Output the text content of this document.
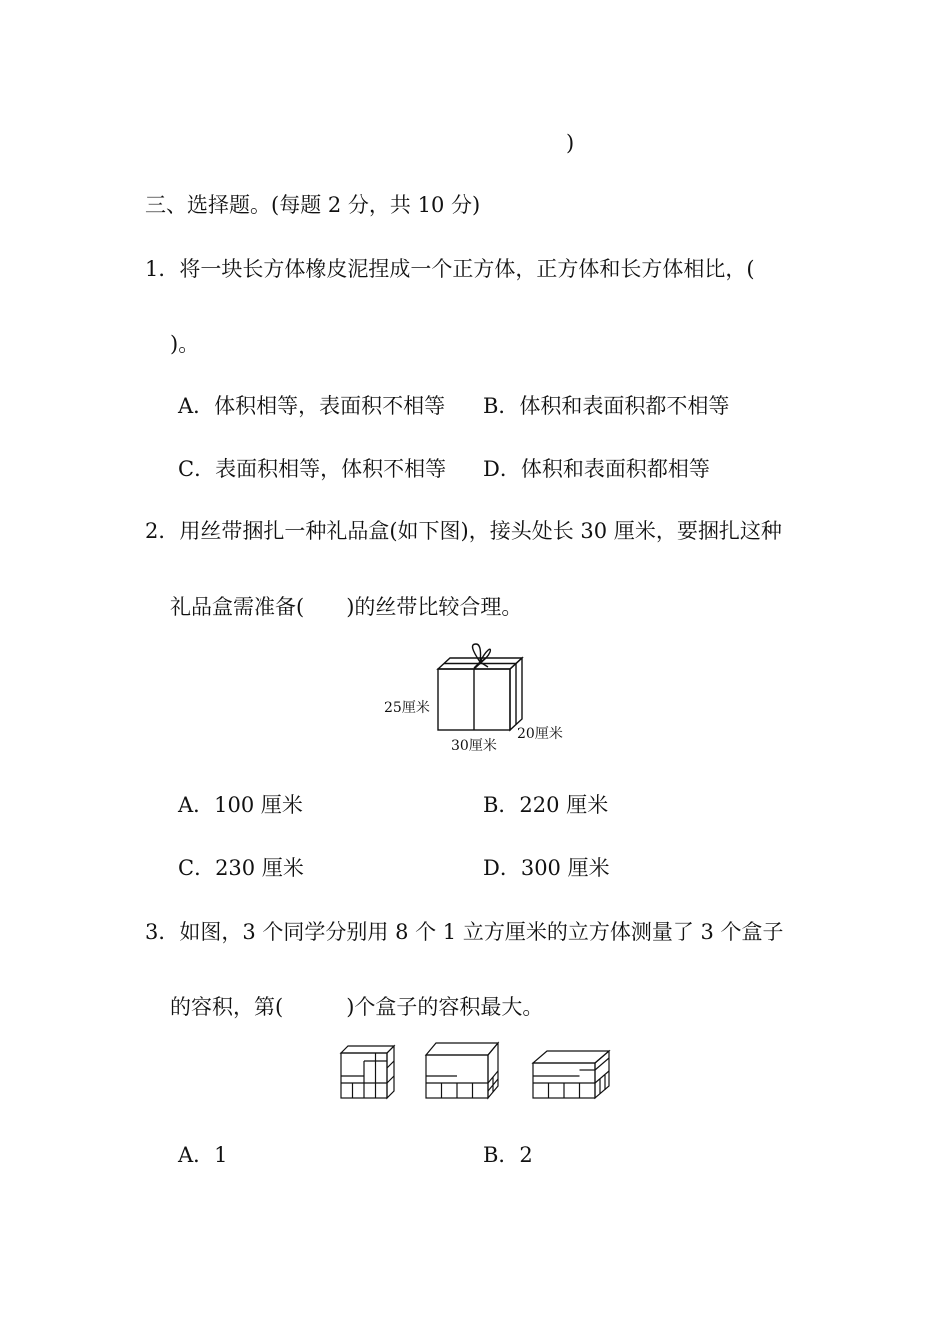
)
三、选择题。(每题 2 分，共 10 分)
1．将一块长方体橡皮泥捏成一个正方体，正方体和长方体相比，(
)。
A．体积相等，表面积不相等 B．体积和表面积都不相等
C．表面积相等，体积不相等 D．体积和表面积都相等
2．用丝带捆扎一种礼品盒(如下图)，接头处长 30 厘米，要捆扎这种
礼品盒需准备(　　)的丝带比较合理。
25厘米
30厘米
20厘米
A．100 厘米	B．220 厘米
C．230 厘米	D．300 厘米
3．如图，3 个同学分别用 8 个 1 立方厘米的立方体测量了 3 个盒子
的容积，第(　　　)个盒子的容积最大。
A．1	B．2
